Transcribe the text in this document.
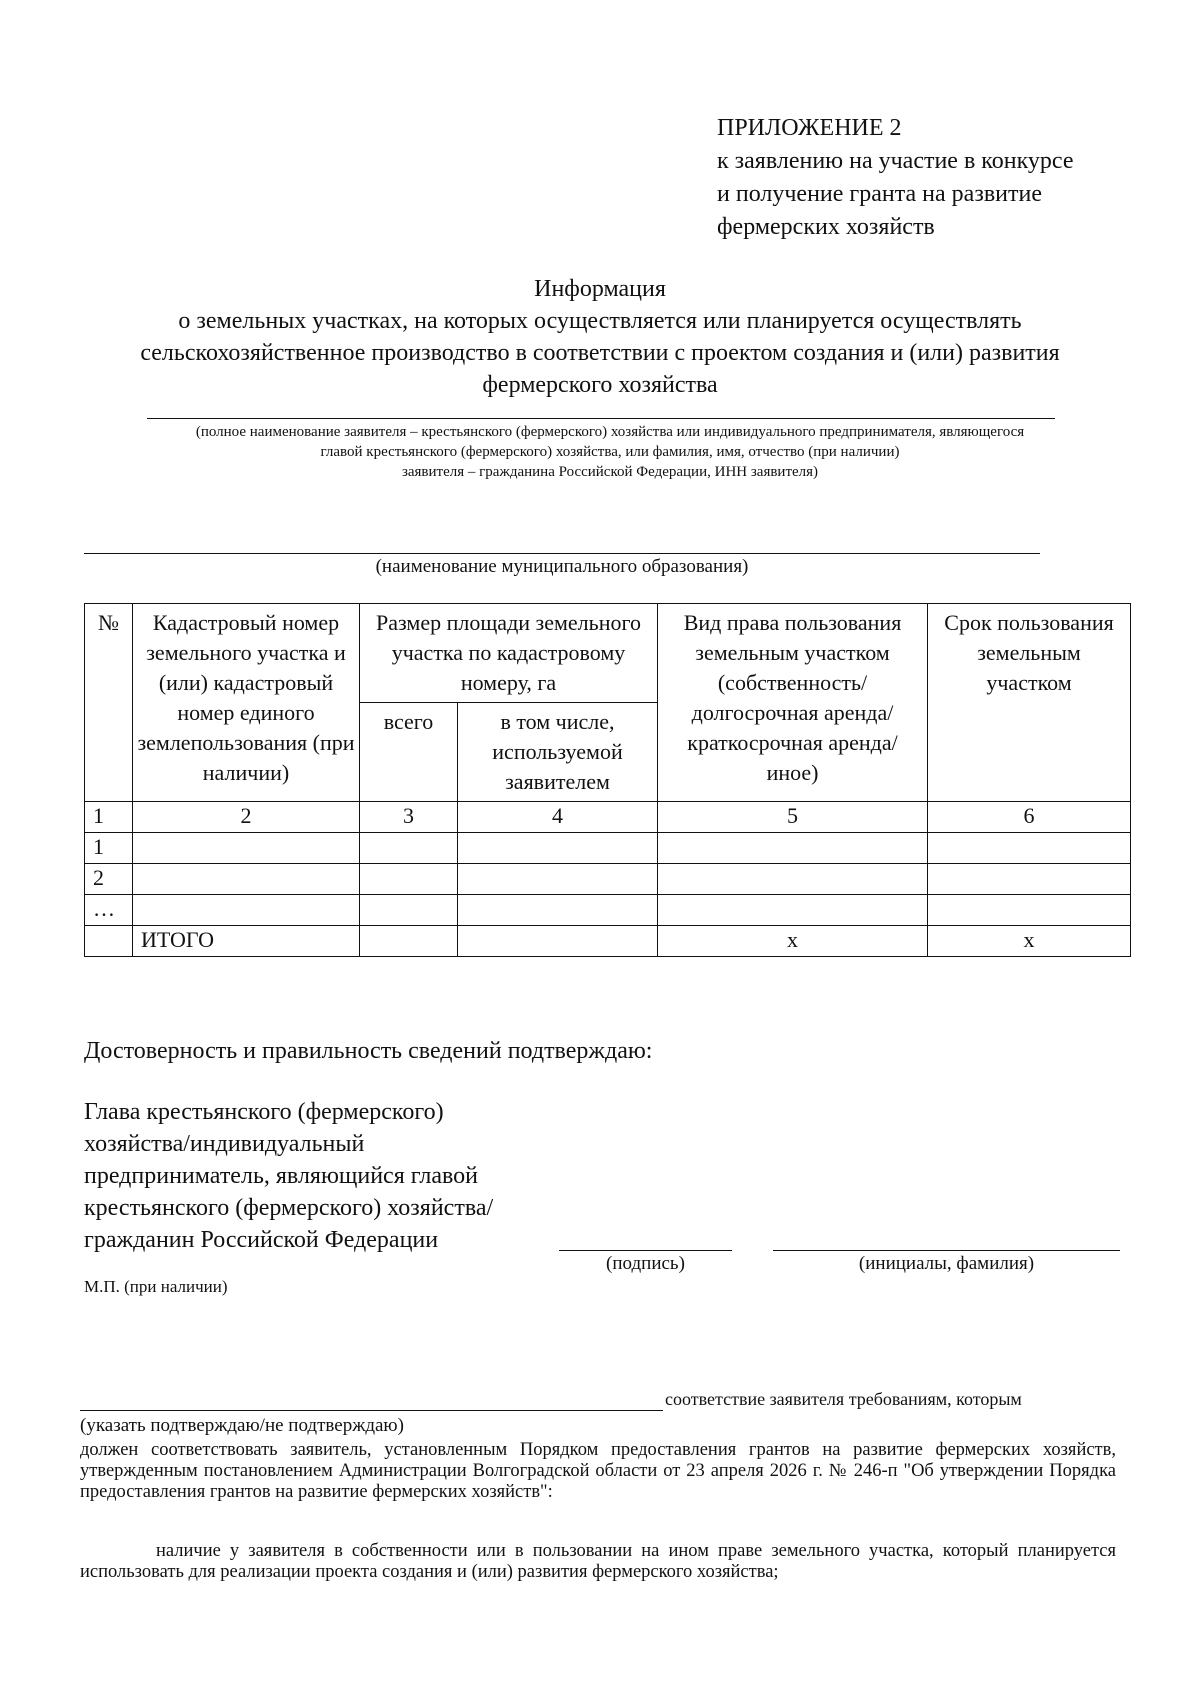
ПРИЛОЖЕНИЕ 2
к заявлению на участие в конкурсе
и получение гранта на развитие
фермерских хозяйств
Информация
о земельных участках, на которых осуществляется или планируется осуществлять
сельскохозяйственное производство в соответствии с проектом создания и (или) развития
фермерского хозяйства
(полное наименование заявителя – крестьянского (фермерского) хозяйства или индивидуального предпринимателя, являющегося
главой крестьянского (фермерского) хозяйства, или фамилия, имя, отчество (при наличии)
заявителя – гражданина Российской Федерации, ИНН заявителя)
(наименование муниципального образования)
№	Кадастровый номер земельного участка и (или) кадастровый номер единого землепользования (при наличии)	Размер площади земельного участка по кадастровому номеру, га		Вид права пользования земельным участком (собственность/ долгосрочная аренда/краткосрочная аренда/ иное)	Срок пользования земельным участком
		всего	в том числе, используемой заявителем		
1	2	3	4	5	6
1					
2					
…					
	ИТОГО			х	х
Достоверность и правильность сведений подтверждаю:
Глава крестьянского (фермерского)
хозяйства/индивидуальный
предприниматель, являющийся главой
крестьянского (фермерского) хозяйства/
гражданин Российской Федерации
(подпись)	(инициалы, фамилия)
М.П. (при наличии)
соответствие заявителя требованиям, которым
(указать подтверждаю/не подтверждаю)
должен соответствовать заявитель, установленным Порядком предоставления грантов на развитие фермерских хозяйств, утвержденным постановлением Администрации Волгоградской области от 23 апреля 2026 г. № 246-п "Об утверждении Порядка предоставления грантов на развитие фермерских хозяйств":
наличие у заявителя в собственности или в пользовании на ином праве земельного участка, который планируется использовать для реализации проекта создания и (или) развития фермерского хозяйства;
